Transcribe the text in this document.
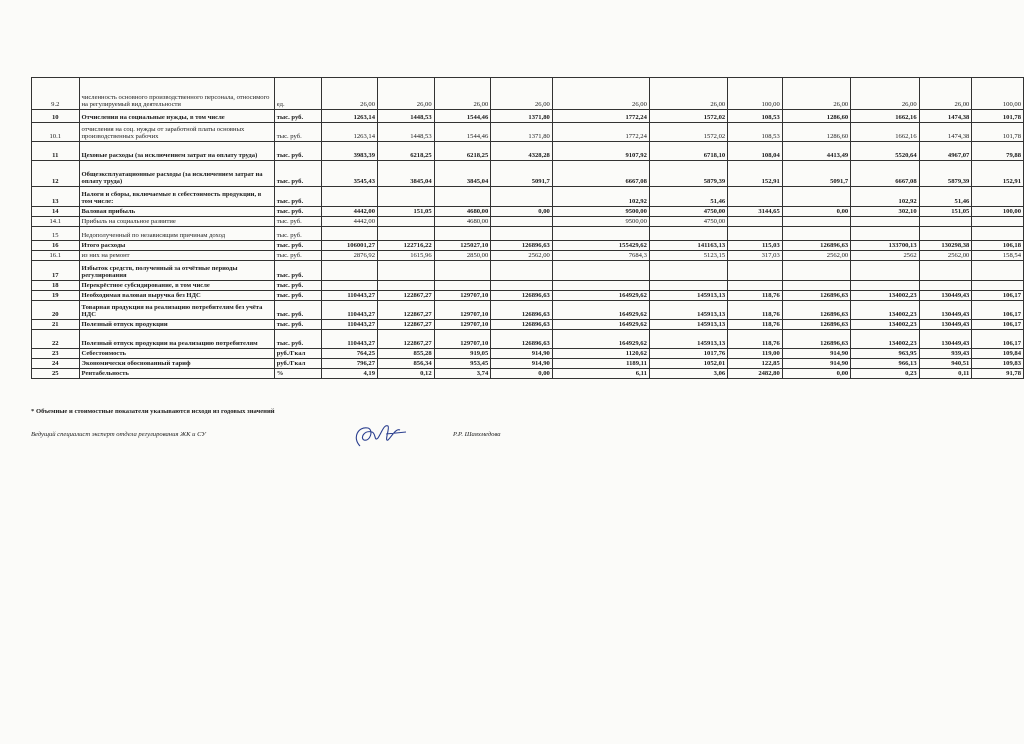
9.2	численность основного производственного персонала, относимого на регулируемый вид деятельности	ед.	26,00	26,00	26,00	26,00	26,00	26,00	100,00	26,00	26,00	26,00	100,00
10	Отчисления на социальные нужды, в том числе	тыс. руб.	1263,14	1448,53	1544,46	1371,80	1772,24	1572,02	108,53	1286,60	1662,16	1474,38	101,78
10.1	отчисления на соц. нужды от заработной платы основных производственных рабочих	тыс. руб.	1263,14	1448,53	1544,46	1371,80	1772,24	1572,02	108,53	1286,60	1662,16	1474,38	101,78
11	Цеховые расходы (за исключением затрат на оплату труда)	тыс. руб.	3983,39	6218,25	6218,25	4328,28	9107,92	6718,10	108,04	4413,49	5520,64	4967,07	79,88
12	Общеэксплуатационные расходы (за исключением затрат на оплату труда)	тыс. руб.	3545,43	3845,04	3845,04	5091,7	6667,08	5879,39	152,91	5091,7	6667,08	5879,39	152,91
13	Налоги и сборы, включаемые в себестоимость продукции, в том числе:	тыс. руб.					102,92	51,46			102,92	51,46	
14	Валовая прибыль	тыс. руб.	4442,00	151,05	4680,00	0,00	9500,00	4750,00	3144,65	0,00	302,10	151,05	100,00
14.1	Прибыль на социальное развитие	тыс. руб.	4442,00		4680,00		9500,00	4750,00					
15	Недополученный по независящим причинам доход	тыс. руб.											
16	Итого расходы	тыс. руб.	106001,27	122716,22	125027,10	126896,63	155429,62	141163,13	115,03	126896,63	133700,13	130298,38	106,18
16.1	из них на ремонт	тыс. руб.	2876,92	1615,96	2850,00	2562,00	7684,3	5123,15	317,03	2562,00	2562	2562,00	158,54
17	Избыток средств, полученный за отчётные периоды регулирования	тыс. руб.											
18	Перекрёстное субсидирование, в том числе	тыс. руб.											
19	Необходимая валовая выручка без НДС	тыс. руб.	110443,27	122867,27	129707,10	126896,63	164929,62	145913,13	118,76	126896,63	134002,23	130449,43	106,17
20	Товарная продукция на реализацию потребителям без учёта НДС	тыс. руб.	110443,27	122867,27	129707,10	126896,63	164929,62	145913,13	118,76	126896,63	134002,23	130449,43	106,17
21	Полезный отпуск продукции	тыс. руб.	110443,27	122867,27	129707,10	126896,63	164929,62	145913,13	118,76	126896,63	134002,23	130449,43	106,17
22	Полезный отпуск продукции на реализацию потребителям	тыс. руб.	110443,27	122867,27	129707,10	126896,63	164929,62	145913,13	118,76	126896,63	134002,23	130449,43	106,17
23	Себестоимость	руб./Гкал	764,25	855,28	919,05	914,90	1120,62	1017,76	119,00	914,90	963,95	939,43	109,84
24	Экономически обоснованный тариф	руб./Гкал	796,27	856,34	953,45	914,90	1189,11	1052,01	122,85	914,90	966,13	940,51	109,83
25	Рентабельность	%	4,19	0,12	3,74	0,00	6,11	3,06	2482,80	0,00	0,23	0,11	91,78
* Объемные и стоимостные показатели указываются исходя из годовых значений
Ведущий специалист эксперт отдела регулирования ЖК и СУ	Р.Р. Шаяхмедова
